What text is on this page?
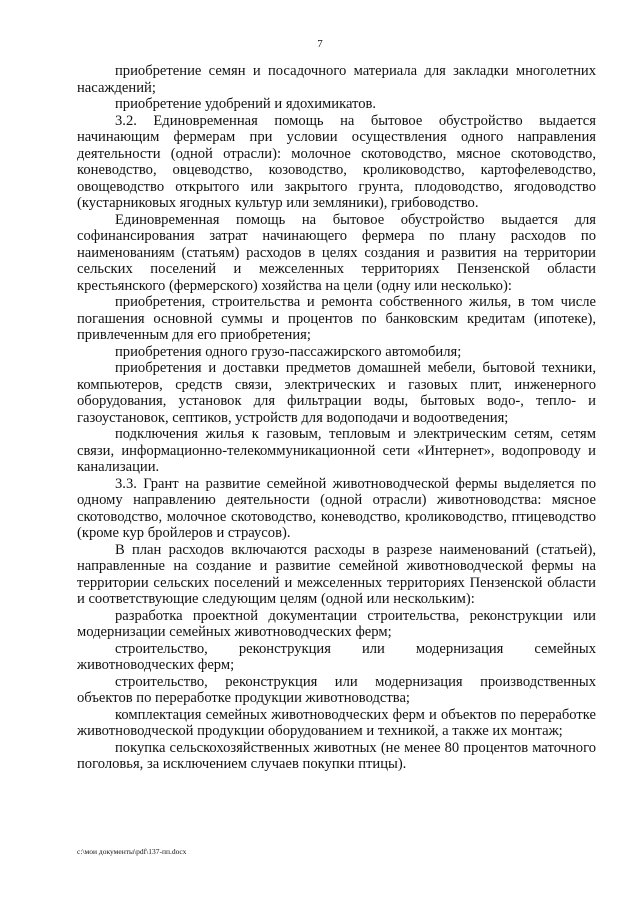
7

приобретение семян и посадочного материала для закладки многолетних насаждений;

приобретение удобрений и ядохимикатов.

3.2. Единовременная помощь на бытовое обустройство выдается начинающим фермерам при условии осуществления одного направления деятельности (одной отрасли): молочное скотоводство, мясное скотоводство, коневодство, овцеводство, козоводство, кролиководство, картофелеводство, овощеводство открытого или закрытого грунта, плодоводство, ягодоводство (кустарниковых ягодных культур или земляники), грибоводство.

Единовременная помощь на бытовое обустройство выдается для софинансирования затрат начинающего фермера по плану расходов по наименованиям (статьям) расходов в целях создания и развития на территории сельских поселений и межселенных территориях Пензенской области крестьянского (фермерского) хозяйства на цели (одну или несколько):

приобретения, строительства и ремонта собственного жилья, в том числе погашения основной суммы и процентов по банковским кредитам (ипотеке), привлеченным для его приобретения;

приобретения одного грузо-пассажирского автомобиля;

приобретения и доставки предметов домашней мебели, бытовой техники, компьютеров, средств связи, электрических и газовых плит, инженерного оборудования, установок для фильтрации воды, бытовых водо-, тепло- и газоустановок, септиков, устройств для водоподачи и водоотведения;

подключения жилья к газовым, тепловым и электрическим сетям, сетям связи, информационно-телекоммуникационной сети «Интернет», водопроводу и канализации.

3.3. Грант на развитие семейной животноводческой фермы выделяется по одному направлению деятельности (одной отрасли) животноводства: мясное скотоводство, молочное скотоводство, коневодство, кролиководство, птицеводство (кроме кур бройлеров и страусов).

В план расходов включаются расходы в разрезе наименований (статьей), направленные на создание и развитие семейной животноводческой фермы на территории сельских поселений и межселенных территориях Пензенской области и соответствующие следующим целям (одной или нескольким):

разработка проектной документации строительства, реконструкции или модернизации семейных животноводческих ферм;

строительство, реконструкция или модернизация семейных животноводческих ферм;

строительство, реконструкция или модернизация производственных объектов по переработке продукции животноводства;

комплектация семейных животноводческих ферм и объектов по переработке животноводческой продукции оборудованием и техникой, а также их монтаж;

покупка сельскохозяйственных животных (не менее 80 процентов маточного поголовья, за исключением случаев покупки птицы).

c:\мои документы\pdf\137-пп.docx
